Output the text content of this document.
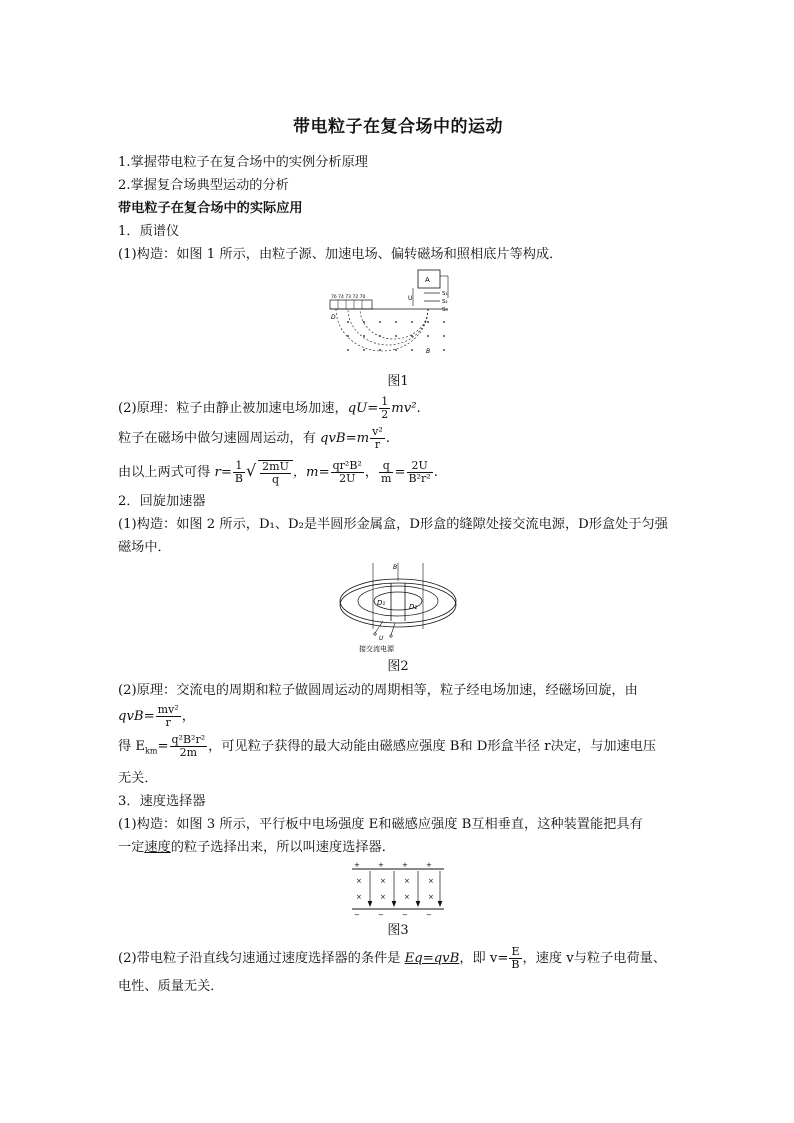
带电粒子在复合场中的运动

1.掌握带电粒子在复合场中的实例分析原理

2.掌握复合场典型运动的分析

带电粒子在复合场中的实际应用

1．质谱仪

(1)构造：如图 1 所示，由粒子源、加速电场、偏转磁场和照相底片等构成．

A
U
S₁
S₂
S₃
76 74 73 72 70
D
B

图1

(2)原理：粒子由静止被加速电场加速，$qU= \frac{1}{2} mv^2$.

粒子在磁场中做匀速圆周运动，有 $qvB=m \frac{\text{v²}}{r}$ .

由以上两式可得 $r= \frac{1}{B}$ √ $\frac{2mU}{q}$ ，$m= \frac{\text{qr²B²}}{2U}$ ， $\frac{q}{m} = \frac{2U}{\text{B²r²}}$ .

2．回旋加速器

(1)构造：如图 2 所示，D₁、D₂是半圆形金属盒，D形盒的缝隙处接交流电源，D形盒处于匀强磁场中．

B
D₁	D₂
U
接交流电源

图2

(2)原理：交流电的周期和粒子做圆周运动的周期相等，粒子经电场加速，经磁场回旋，由

$qvB= \frac{\text{mv²}}{r}$ ，

得 $E_{km}= \frac{\text{q²B²r²}}{2m}$ ，可见粒子获得的最大动能由磁感应强度 B和 D形盒半径 r决定，与加速电压

无关．

3．速度选择器

(1)构造：如图 3 所示，平行板中电场强度 E和磁感应强度 B互相垂直，这种装置能把具有

一定速度的粒子选择出来，所以叫速度选择器．

+	+	+	+
−	−	−	−
×	×	×	×
×	×	×	×

图3

(2)带电粒子沿直线匀速通过速度选择器的条件是 Eq=qvB，即 $v= \frac{E}{B}$ ，速度 v与粒子电荷量、

电性、质量无关．
